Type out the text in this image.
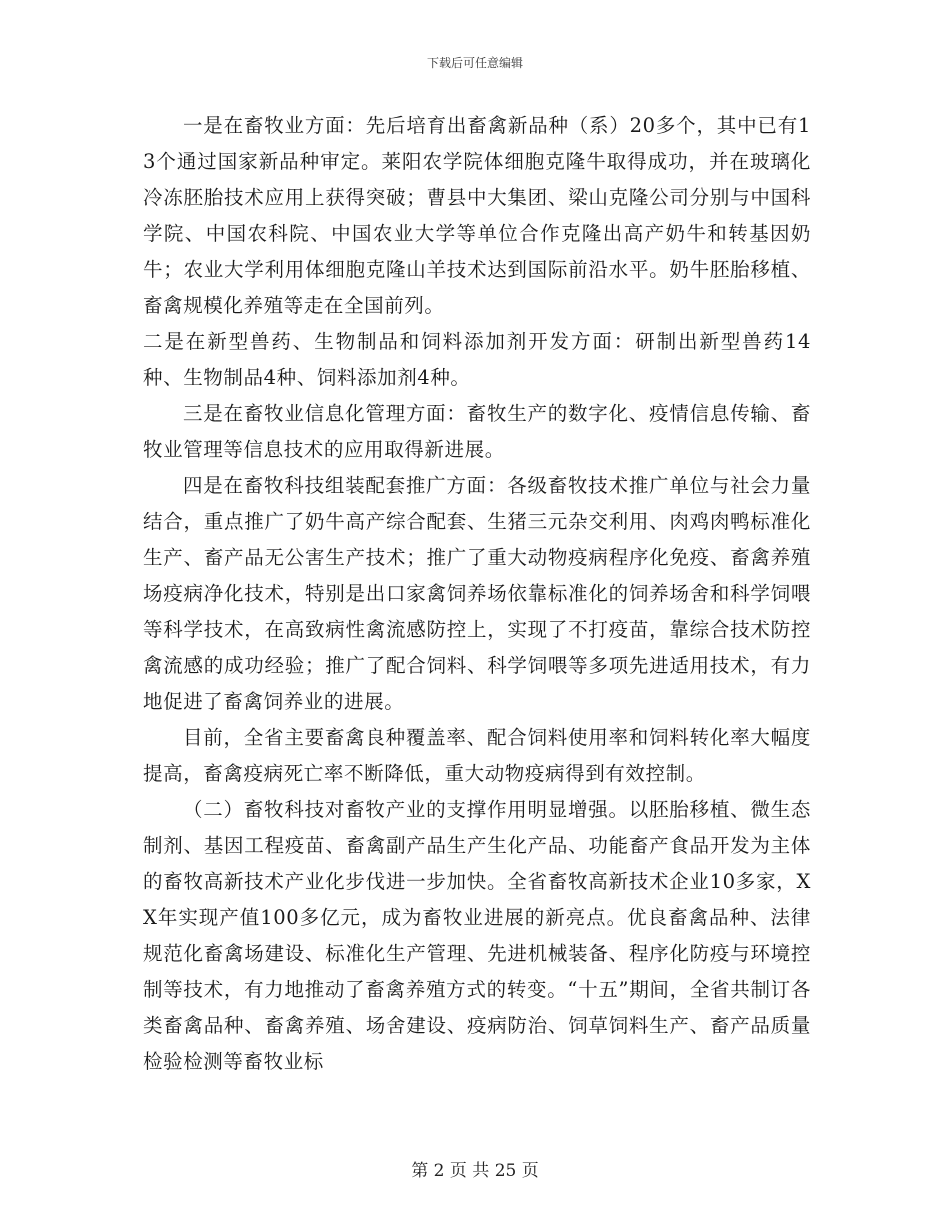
下载后可任意编辑

一是在畜牧业方面：先后培育出畜禽新品种（系）20多个，其中已有13个通过国家新品种审定。莱阳农学院体细胞克隆牛取得成功，并在玻璃化冷冻胚胎技术应用上获得突破；曹县中大集团、梁山克隆公司分别与中国科学院、中国农科院、中国农业大学等单位合作克隆出高产奶牛和转基因奶牛；农业大学利用体细胞克隆山羊技术达到国际前沿水平。奶牛胚胎移植、畜禽规模化养殖等走在全国前列。

二是在新型兽药、生物制品和饲料添加剂开发方面：研制出新型兽药14种、生物制品4种、饲料添加剂4种。

三是在畜牧业信息化管理方面：畜牧生产的数字化、疫情信息传输、畜牧业管理等信息技术的应用取得新进展。

四是在畜牧科技组装配套推广方面：各级畜牧技术推广单位与社会力量结合，重点推广了奶牛高产综合配套、生猪三元杂交利用、肉鸡肉鸭标准化生产、畜产品无公害生产技术；推广了重大动物疫病程序化免疫、畜禽养殖场疫病净化技术，特别是出口家禽饲养场依靠标准化的饲养场舍和科学饲喂等科学技术，在高致病性禽流感防控上，实现了不打疫苗，靠综合技术防控禽流感的成功经验；推广了配合饲料、科学饲喂等多项先进适用技术，有力地促进了畜禽饲养业的进展。

目前，全省主要畜禽良种覆盖率、配合饲料使用率和饲料转化率大幅度提高，畜禽疫病死亡率不断降低，重大动物疫病得到有效控制。

（二）畜牧科技对畜牧产业的支撑作用明显增强。以胚胎移植、微生态制剂、基因工程疫苗、畜禽副产品生产生化产品、功能畜产食品开发为主体的畜牧高新技术产业化步伐进一步加快。全省畜牧高新技术企业10多家，XX年实现产值100多亿元，成为畜牧业进展的新亮点。优良畜禽品种、法律规范化畜禽场建设、标准化生产管理、先进机械装备、程序化防疫与环境控制等技术，有力地推动了畜禽养殖方式的转变。“十五”期间，全省共制订各类畜禽品种、畜禽养殖、场舍建设、疫病防治、饲草饲料生产、畜产品质量检验检测等畜牧业标

第 2 页 共 25 页
